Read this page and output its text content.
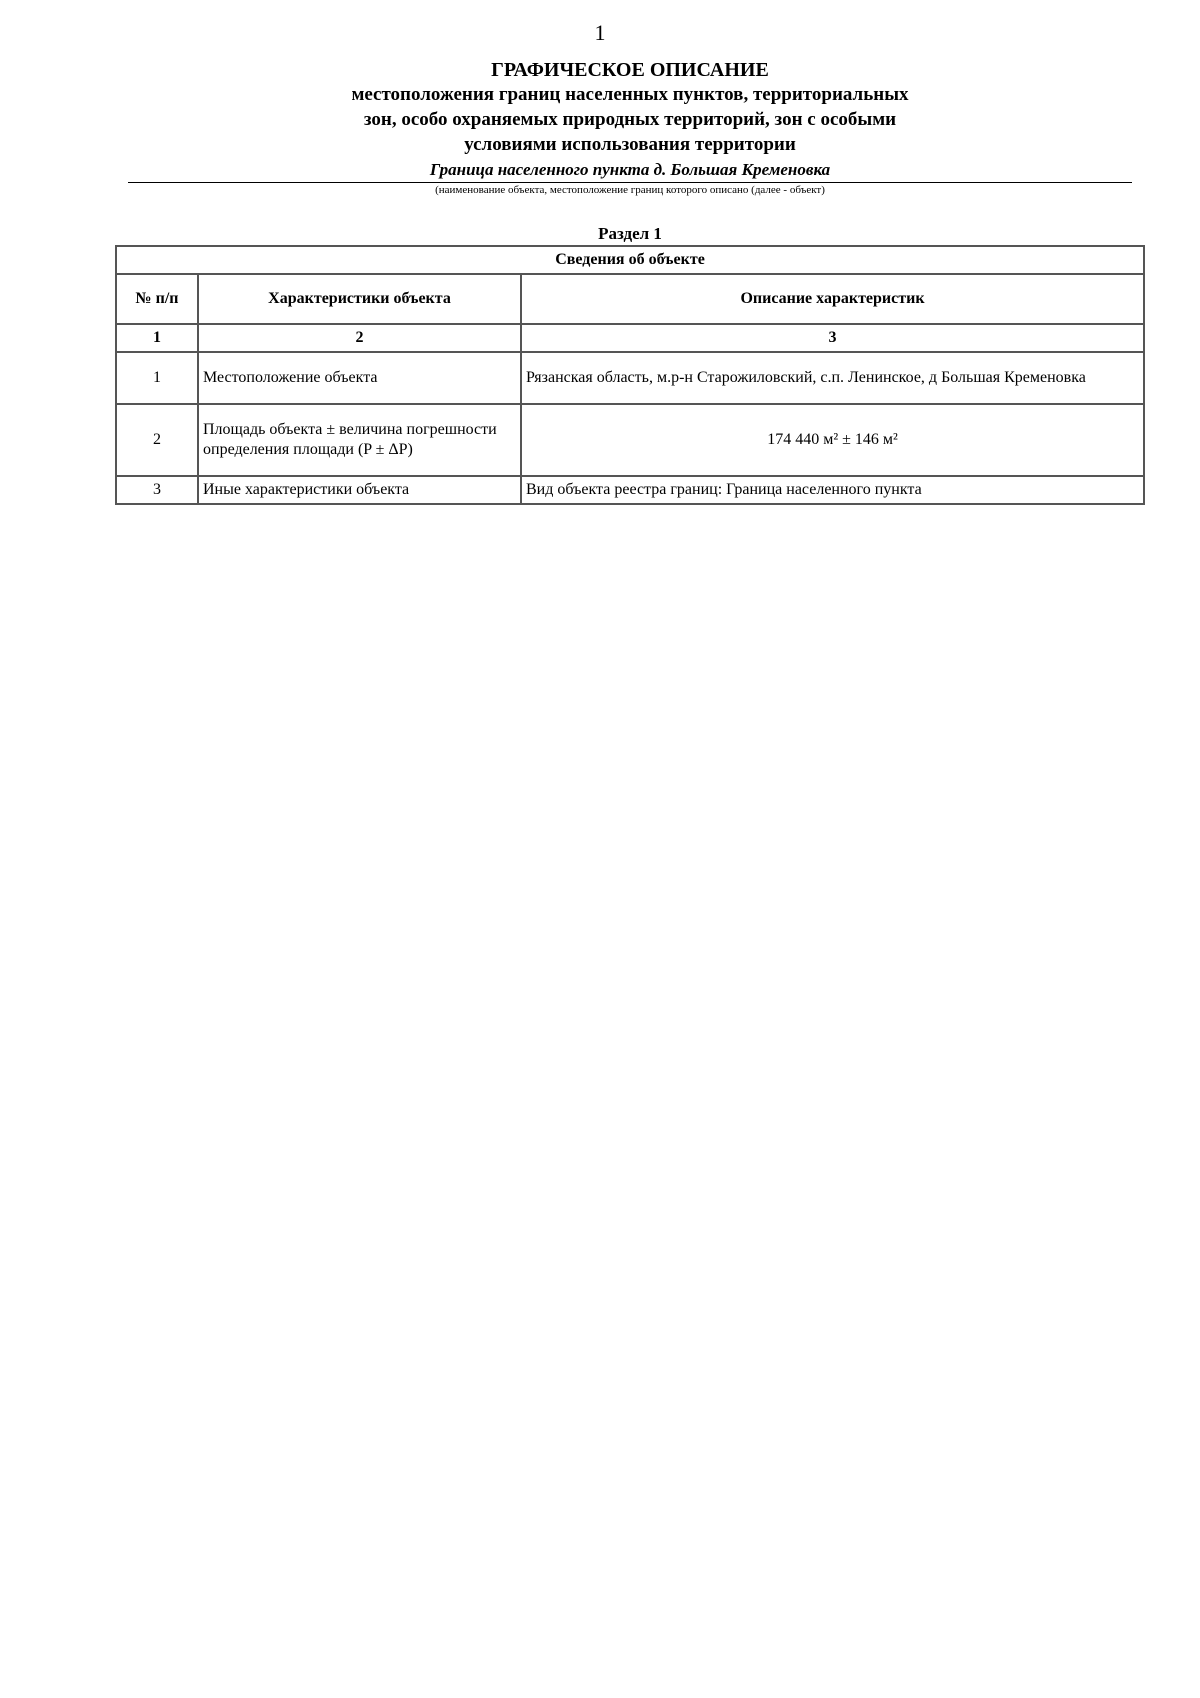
1

ГРАФИЧЕСКОЕ ОПИСАНИЕ

местоположения границ населенных пунктов, территориальных

зон, особо охраняемых природных территорий, зон с особыми

условиями использования территории

Граница населенного пункта д. Большая Кременовка
(наименование объекта, местоположение границ которого описано (далее - объект)
Раздел 1
Сведения об объекте		
№ п/п	Характеристики объекта	Описание характеристик
1	2	3
1	Местоположение объекта	Рязанская область, м.р-н Старожиловский, с.п. Ленинское, д Большая Кременовка
2	Площадь объекта ± величина погрешности определения площади (P ± ΔP)	174 440 м² ± 146 м²
3	Иные характеристики объекта	Вид объекта реестра границ: Граница населенного пункта
